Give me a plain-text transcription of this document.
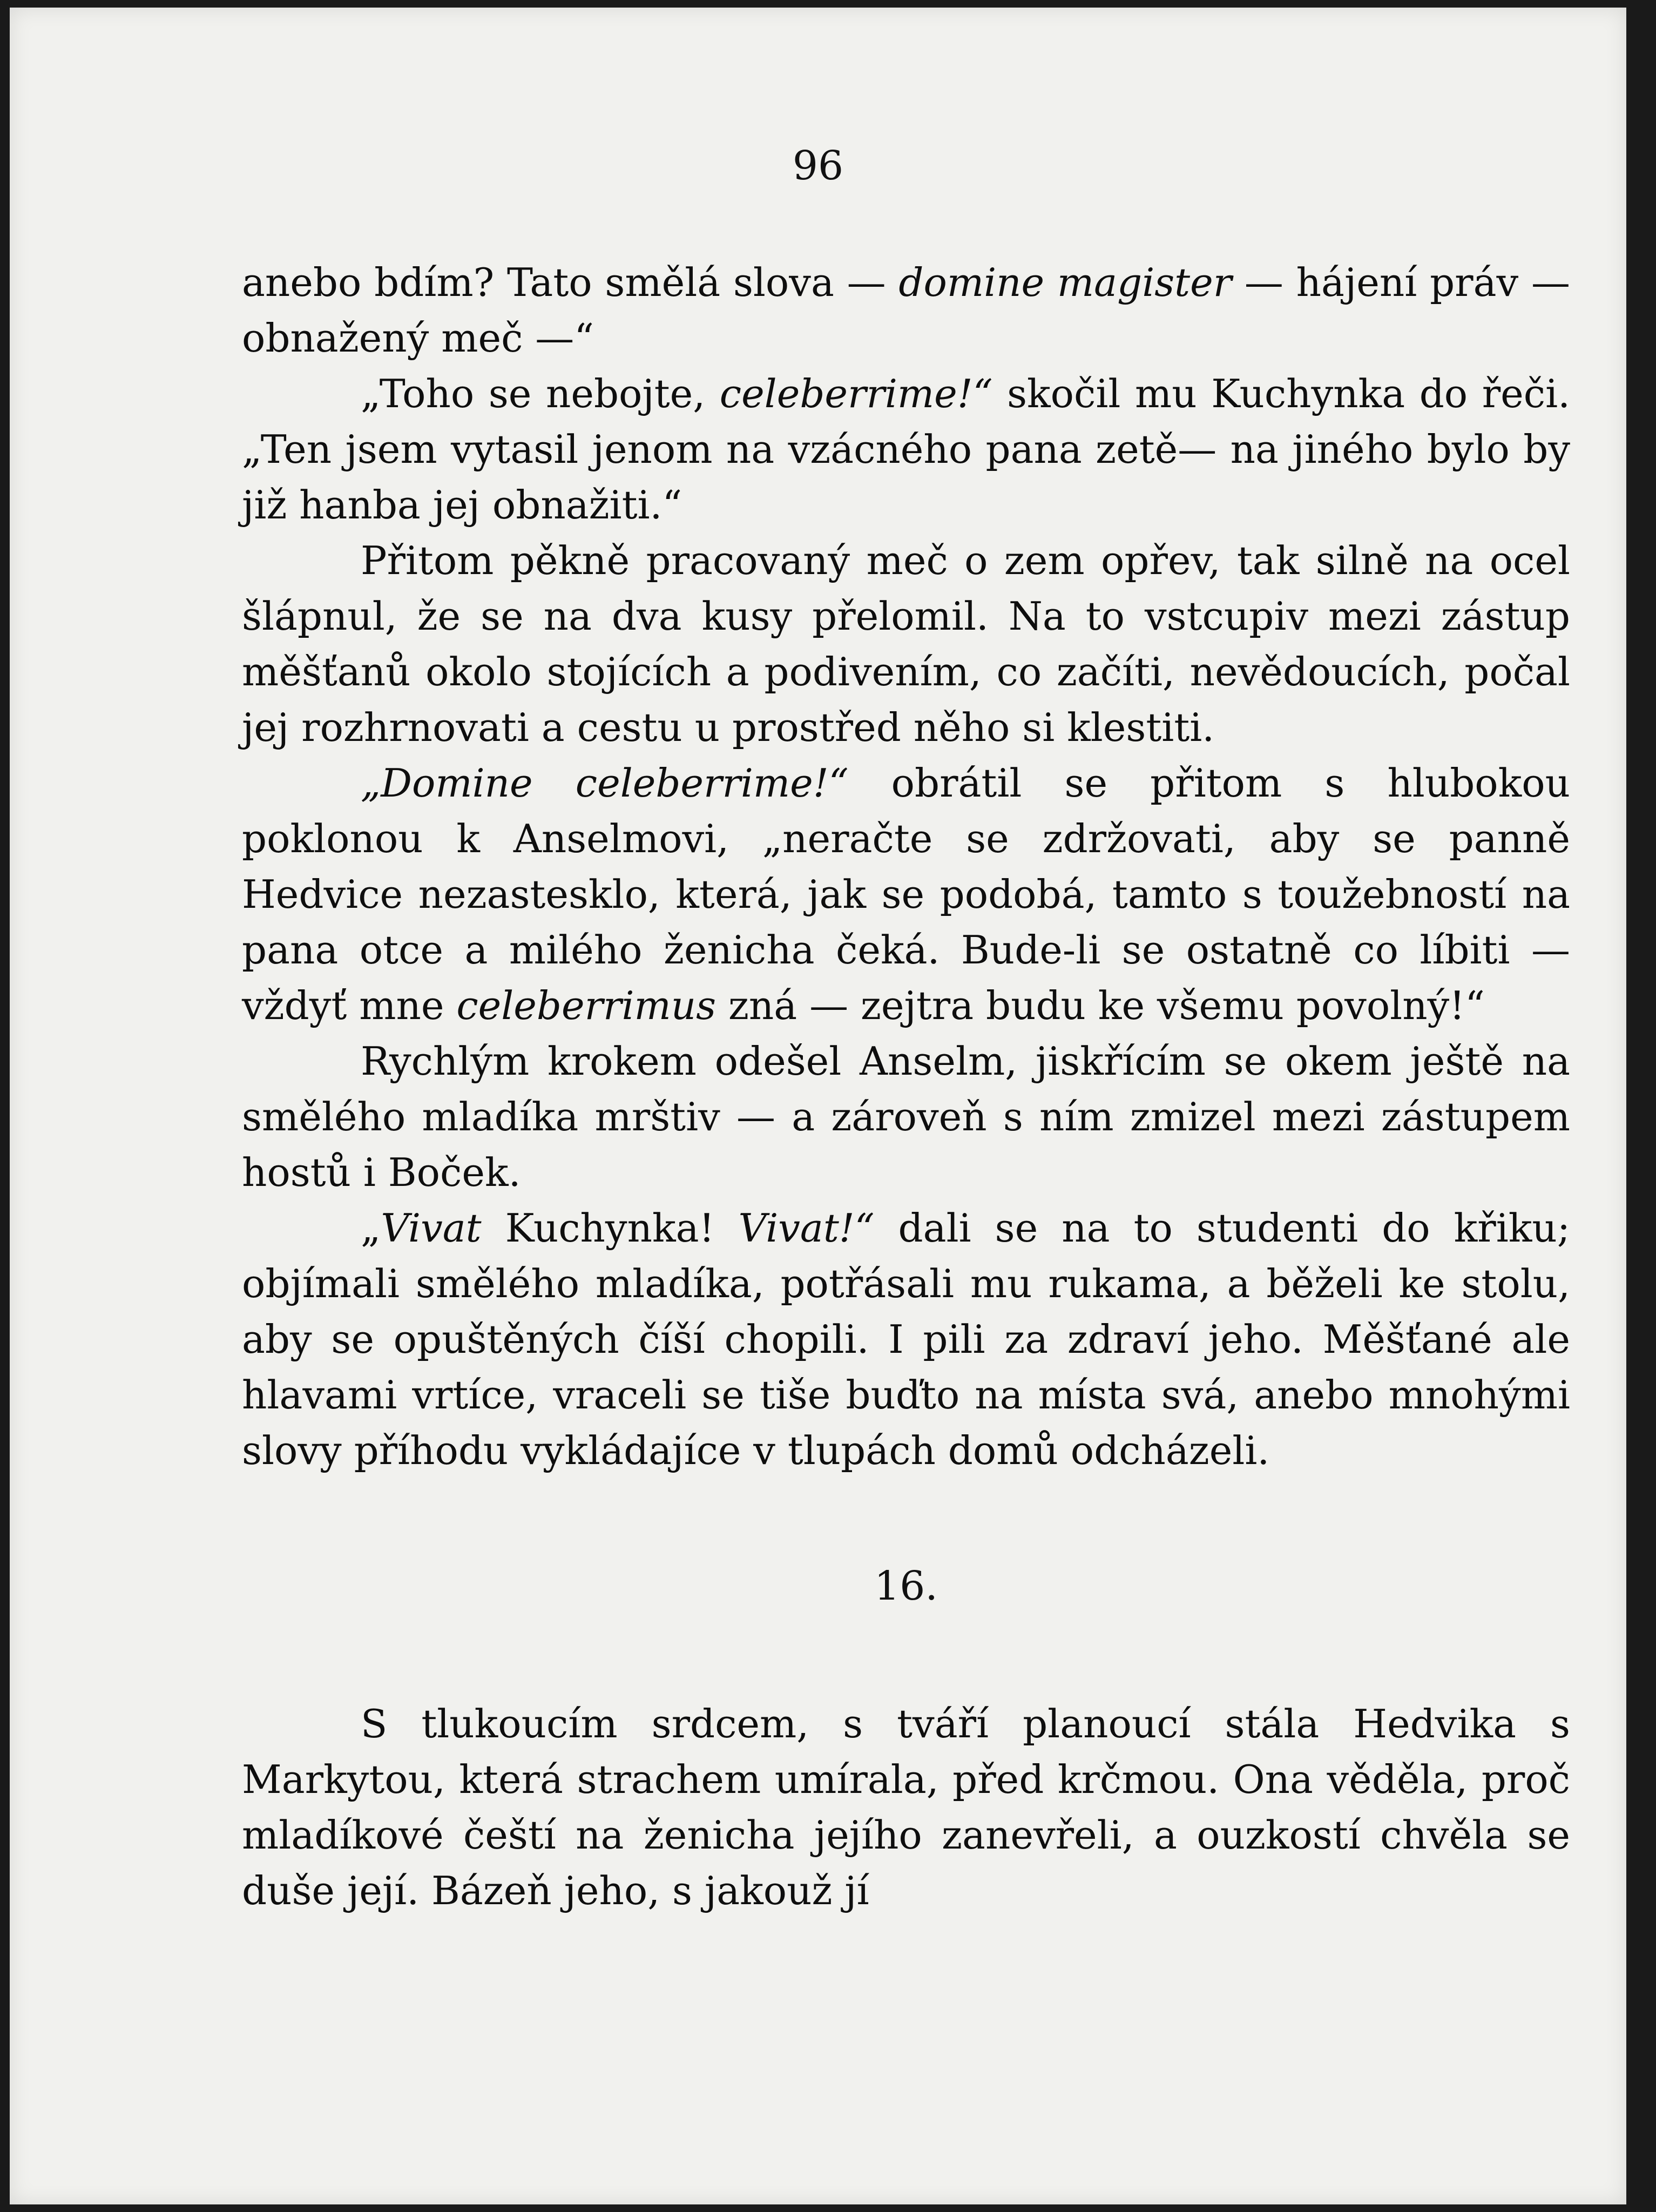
96

anebo bdím? Tato smělá slova — domine magister — hájení práv — obnažený meč —“

„Toho se nebojte, celeberrime!“ skočil mu Kuchynka do řeči. „Ten jsem vytasil jenom na vzácného pana zetě— na jiného bylo by již hanba jej obnažiti.“

Přitom pěkně pracovaný meč o zem opřev, tak silně na ocel šlápnul, že se na dva kusy přelomil. Na to vstcupiv mezi zástup měšťanů okolo stojících a podivením, co začíti, nevědoucích, počal jej rozhrnovati a cestu u prostřed něho si klestiti.

„Domine celeberrime!“ obrátil se přitom s hlubokou poklonou k Anselmovi, „neračte se zdržovati, aby se panně Hedvice nezastesklo, která, jak se podobá, tamto s toužebností na pana otce a milého ženicha čeká. Bude-li se ostatně co líbiti — vždyť mne celeberrimus zná — zejtra budu ke všemu povolný!“

Rychlým krokem odešel Anselm, jiskřícím se okem ještě na smělého mladíka mrštiv — a zároveň s ním zmizel mezi zástupem hostů i Boček.

„Vivat Kuchynka! Vivat!“ dali se na to studenti do křiku; objímali smělého mladíka, potřásali mu rukama, a běželi ke stolu, aby se opuštěných číší chopili. I pili za zdraví jeho. Měšťané ale hlavami vrtíce, vraceli se tiše buďto na místa svá, anebo mnohými slovy příhodu vykládajíce v tlupách domů odcházeli.

16.

S tlukoucím srdcem, s tváří planoucí stála Hedvika s Markytou, která strachem umírala, před krčmou. Ona věděla, proč mladíkové čeští na ženicha jejího zanevřeli, a ouzkostí chvěla se duše její. Bázeň jeho, s jakouž jí
